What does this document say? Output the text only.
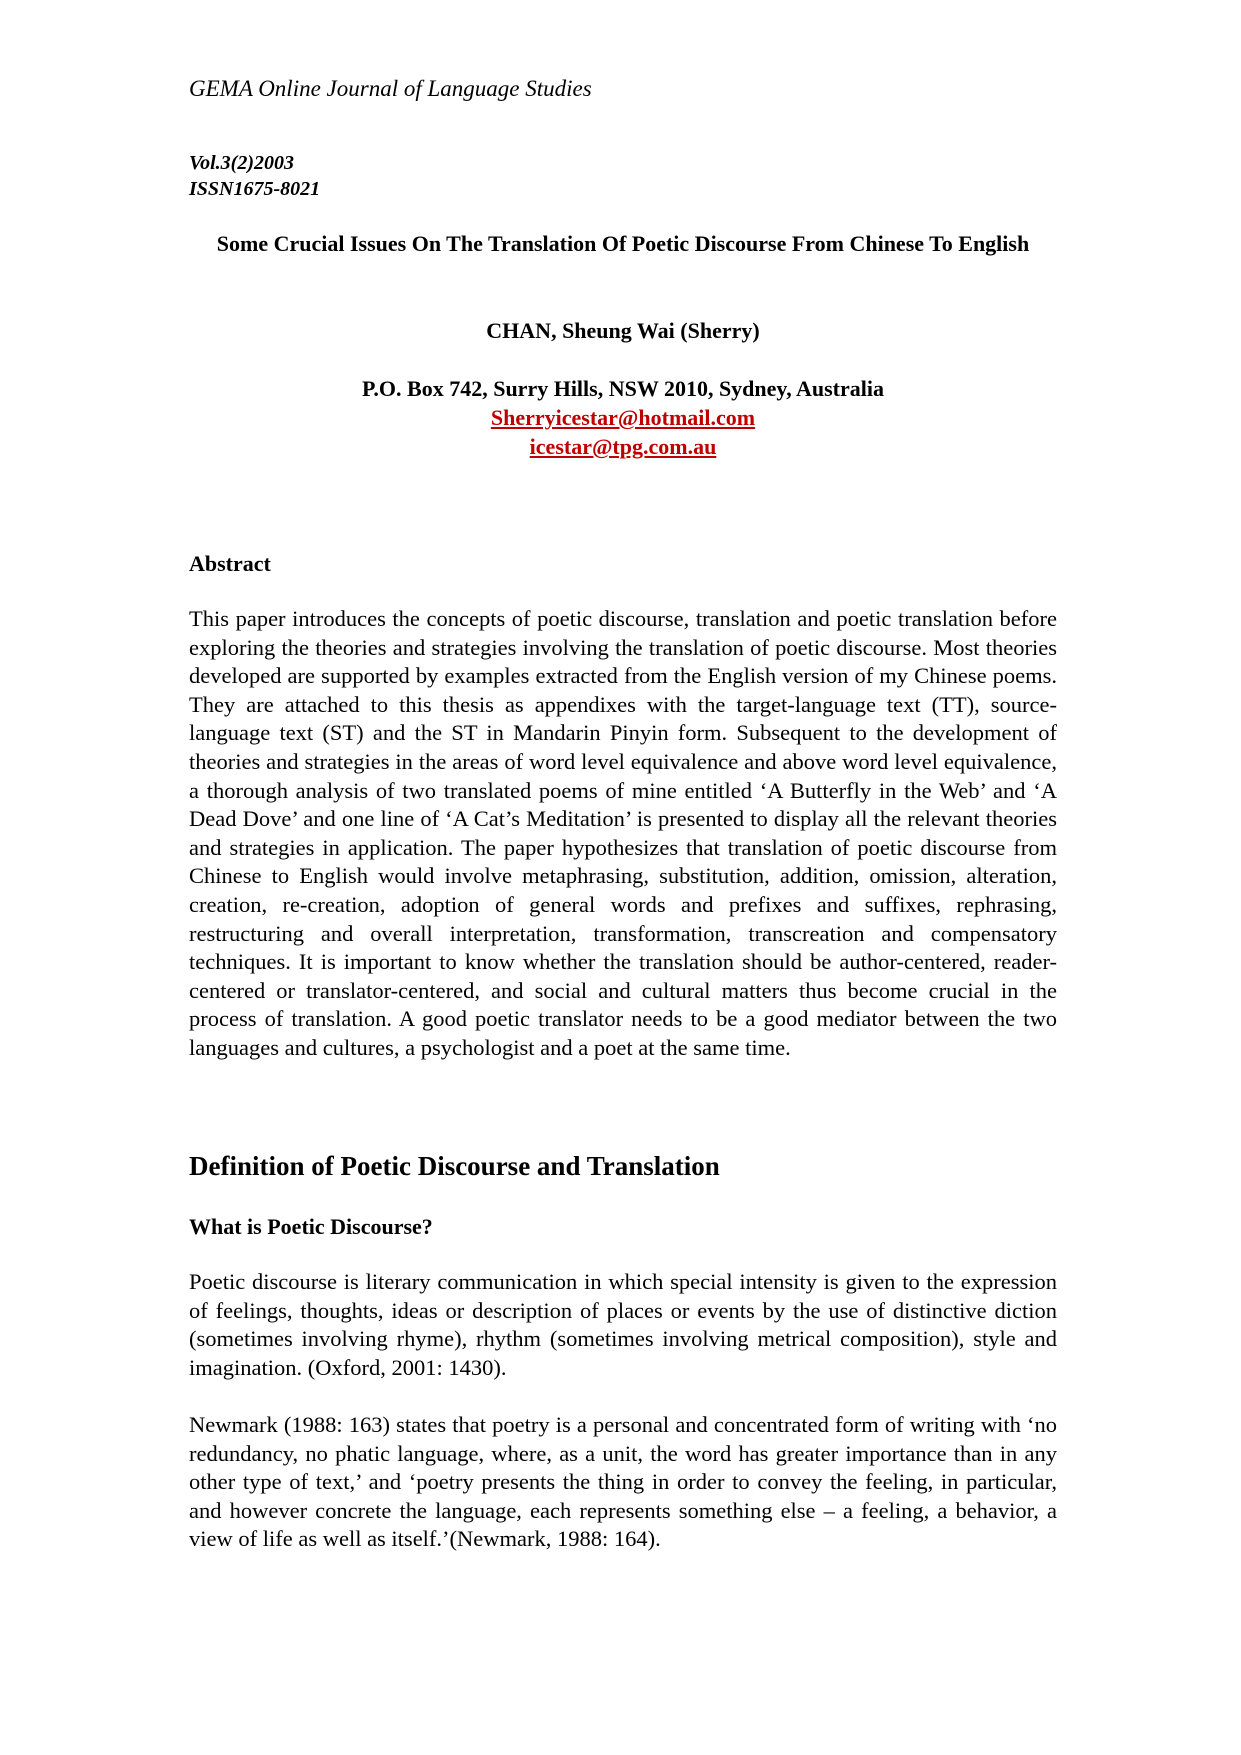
GEMA Online Journal of Language Studies
Vol.3(2)2003
ISSN1675-8021
Some Crucial Issues On The Translation Of Poetic Discourse From Chinese To English
CHAN, Sheung Wai (Sherry)
P.O. Box 742, Surry Hills, NSW 2010, Sydney, Australia
Sherryicestar@hotmail.com
icestar@tpg.com.au
Abstract

This paper introduces the concepts of poetic discourse, translation and poetic translation before exploring the theories and strategies involving the translation of poetic discourse. Most theories developed are supported by examples extracted from the English version of my Chinese poems. They are attached to this thesis as appendixes with the target-language text (TT), source-language text (ST) and the ST in Mandarin Pinyin form. Subsequent to the development of theories and strategies in the areas of word level equivalence and above word level equivalence, a thorough analysis of two translated poems of mine entitled ‘A Butterfly in the Web’ and ‘A Dead Dove’ and one line of ‘A Cat’s Meditation’ is presented to display all the relevant theories and strategies in application. The paper hypothesizes that translation of poetic discourse from Chinese to English would involve metaphrasing, substitution, addition, omission, alteration, creation, re-creation, adoption of general words and prefixes and suffixes, rephrasing, restructuring and overall interpretation, transformation, transcreation and compensatory techniques. It is important to know whether the translation should be author-centered, reader-centered or translator-centered, and social and cultural matters thus become crucial in the process of translation. A good poetic translator needs to be a good mediator between the two languages and cultures, a psychologist and a poet at the same time.

Definition of Poetic Discourse and Translation
What is Poetic Discourse?

Poetic discourse is literary communication in which special intensity is given to the expression of feelings, thoughts, ideas or description of places or events by the use of distinctive diction (sometimes involving rhyme), rhythm (sometimes involving metrical composition), style and imagination. (Oxford, 2001: 1430).

Newmark (1988: 163) states that poetry is a personal and concentrated form of writing with ‘no redundancy, no phatic language, where, as a unit, the word has greater importance than in any other type of text,’ and ‘poetry presents the thing in order to convey the feeling, in particular, and however concrete the language, each represents something else – a feeling, a behavior, a view of life as well as itself.’(Newmark, 1988: 164).
